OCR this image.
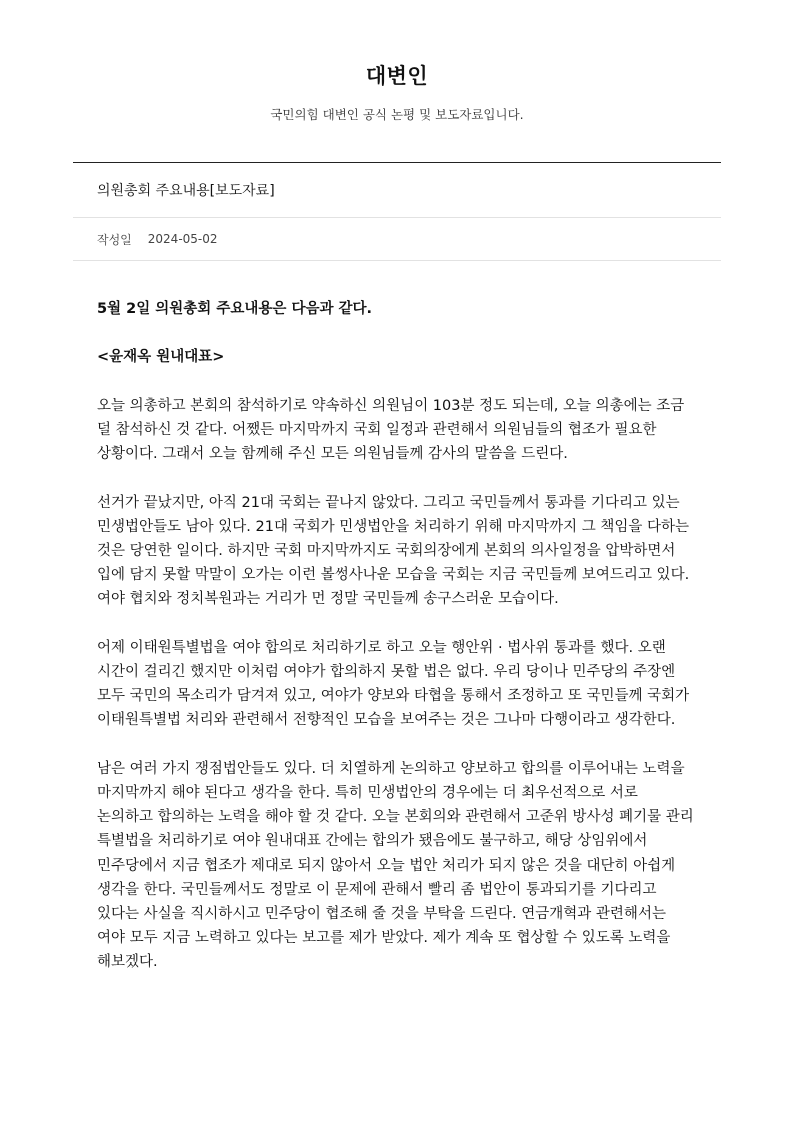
대변인
국민의힘 대변인 공식 논평 및 보도자료입니다.
의원총회 주요내용[보도자료]
작성일 2024-05-02

5월 2일 의원총회 주요내용은 다음과 같다.

<윤재옥 원내대표>

오늘 의총하고 본회의 참석하기로 약속하신 의원님이 103분 정도 되는데, 오늘 의총에는 조금 덜 참석하신 것 같다. 어쨌든 마지막까지 국회 일정과 관련해서 의원님들의 협조가 필요한 상황이다. 그래서 오늘 함께해 주신 모든 의원님들께 감사의 말씀을 드린다.

선거가 끝났지만, 아직 21대 국회는 끝나지 않았다. 그리고 국민들께서 통과를 기다리고 있는 민생법안들도 남아 있다. 21대 국회가 민생법안을 처리하기 위해 마지막까지 그 책임을 다하는 것은 당연한 일이다. 하지만 국회 마지막까지도 국회의장에게 본회의 의사일정을 압박하면서 입에 담지 못할 막말이 오가는 이런 볼썽사나운 모습을 국회는 지금 국민들께 보여드리고 있다. 여야 협치와 정치복원과는 거리가 먼 정말 국민들께 송구스러운 모습이다.

어제 이태원특별법을 여야 합의로 처리하기로 하고 오늘 행안위 · 법사위 통과를 했다. 오랜 시간이 걸리긴 했지만 이처럼 여야가 합의하지 못할 법은 없다. 우리 당이나 민주당의 주장엔 모두 국민의 목소리가 담겨져 있고, 여야가 양보와 타협을 통해서 조정하고 또 국민들께 국회가 이태원특별법 처리와 관련해서 전향적인 모습을 보여주는 것은 그나마 다행이라고 생각한다.

남은 여러 가지 쟁점법안들도 있다. 더 치열하게 논의하고 양보하고 합의를 이루어내는 노력을 마지막까지 해야 된다고 생각을 한다. 특히 민생법안의 경우에는 더 최우선적으로 서로 논의하고 합의하는 노력을 해야 할 것 같다. 오늘 본회의와 관련해서 고준위 방사성 폐기물 관리 특별법을 처리하기로 여야 원내대표 간에는 합의가 됐음에도 불구하고, 해당 상임위에서 민주당에서 지금 협조가 제대로 되지 않아서 오늘 법안 처리가 되지 않은 것을 대단히 아쉽게 생각을 한다. 국민들께서도 정말로 이 문제에 관해서 빨리 좀 법안이 통과되기를 기다리고 있다는 사실을 직시하시고 민주당이 협조해 줄 것을 부탁을 드린다. 연금개혁과 관련해서는 여야 모두 지금 노력하고 있다는 보고를 제가 받았다. 제가 계속 또 협상할 수 있도록 노력을 해보겠다.
